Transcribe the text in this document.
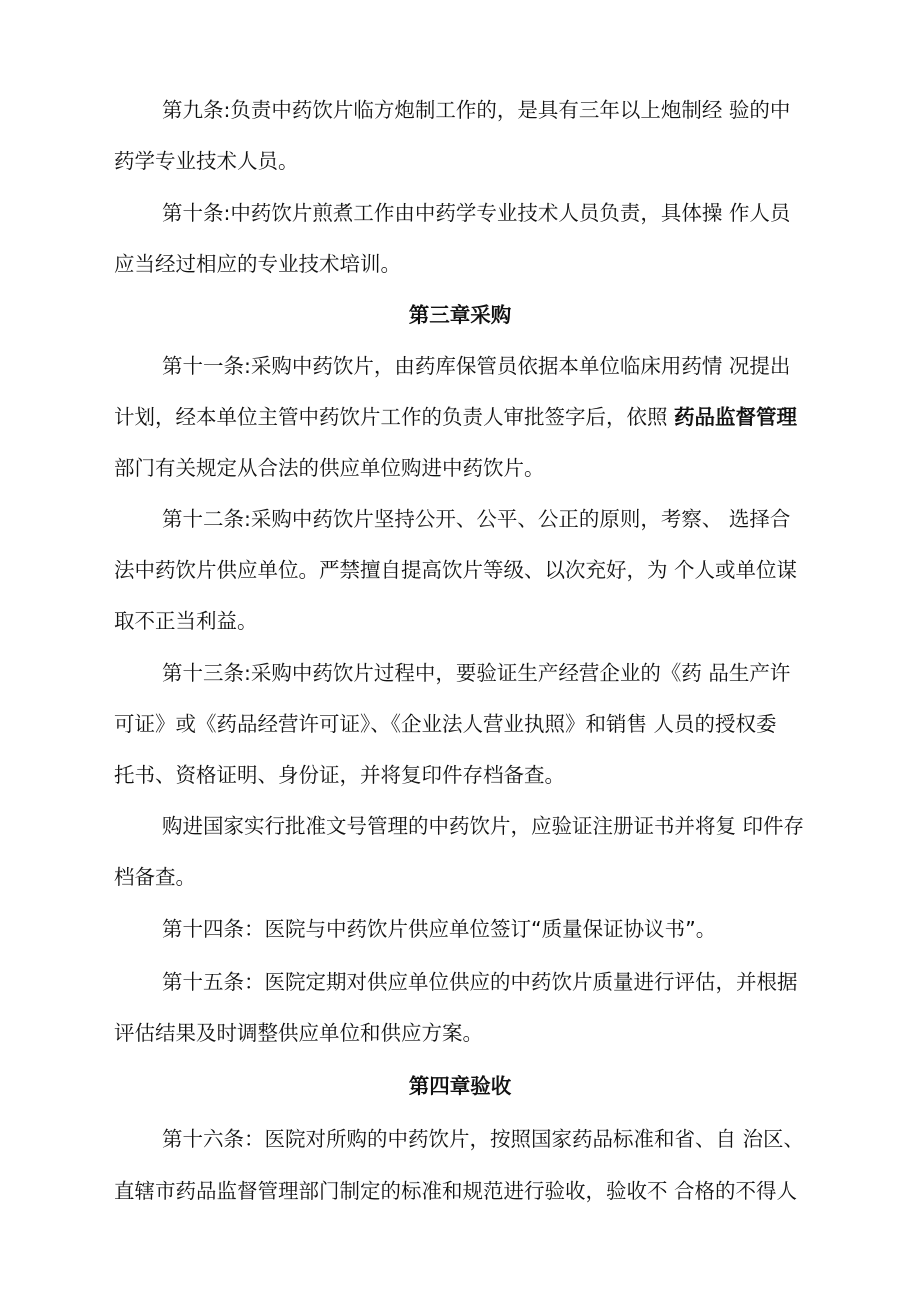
第九条:负责中药饮片临方炮制工作的，是具有三年以上炮制经 验的中
药学专业技术人员。
第十条:中药饮片煎煮工作由中药学专业技术人员负责，具体操 作人员
应当经过相应的专业技术培训。
第三章采购
第十一条:采购中药饮片，由药库保管员依据本单位临床用药情 况提出
计划，经本单位主管中药饮片工作的负责人审批签字后，依照 药品监督管理
部门有关规定从合法的供应单位购进中药饮片。
第十二条:采购中药饮片坚持公开、公平、公正的原则，考察、 选择合
法中药饮片供应单位。严禁擅自提高饮片等级、以次充好，为 个人或单位谋
取不正当利益。
第十三条:采购中药饮片过程中，要验证生产经营企业的《药 品生产许
可证》或《药品经营许可证》、《企业法人营业执照》和销售 人员的授权委
托书、资格证明、身份证，并将复印件存档备查。
购进国家实行批准文号管理的中药饮片，应验证注册证书并将复 印件存
档备查。
第十四条：医院与中药饮片供应单位签订“质量保证协议书”。
第十五条：医院定期对供应单位供应的中药饮片质量进行评估，并根据
评估结果及时调整供应单位和供应方案。
第四章验收
第十六条：医院对所购的中药饮片，按照国家药品标准和省、自 治区、
直辖市药品监督管理部门制定的标准和规范进行验收，验收不 合格的不得人
